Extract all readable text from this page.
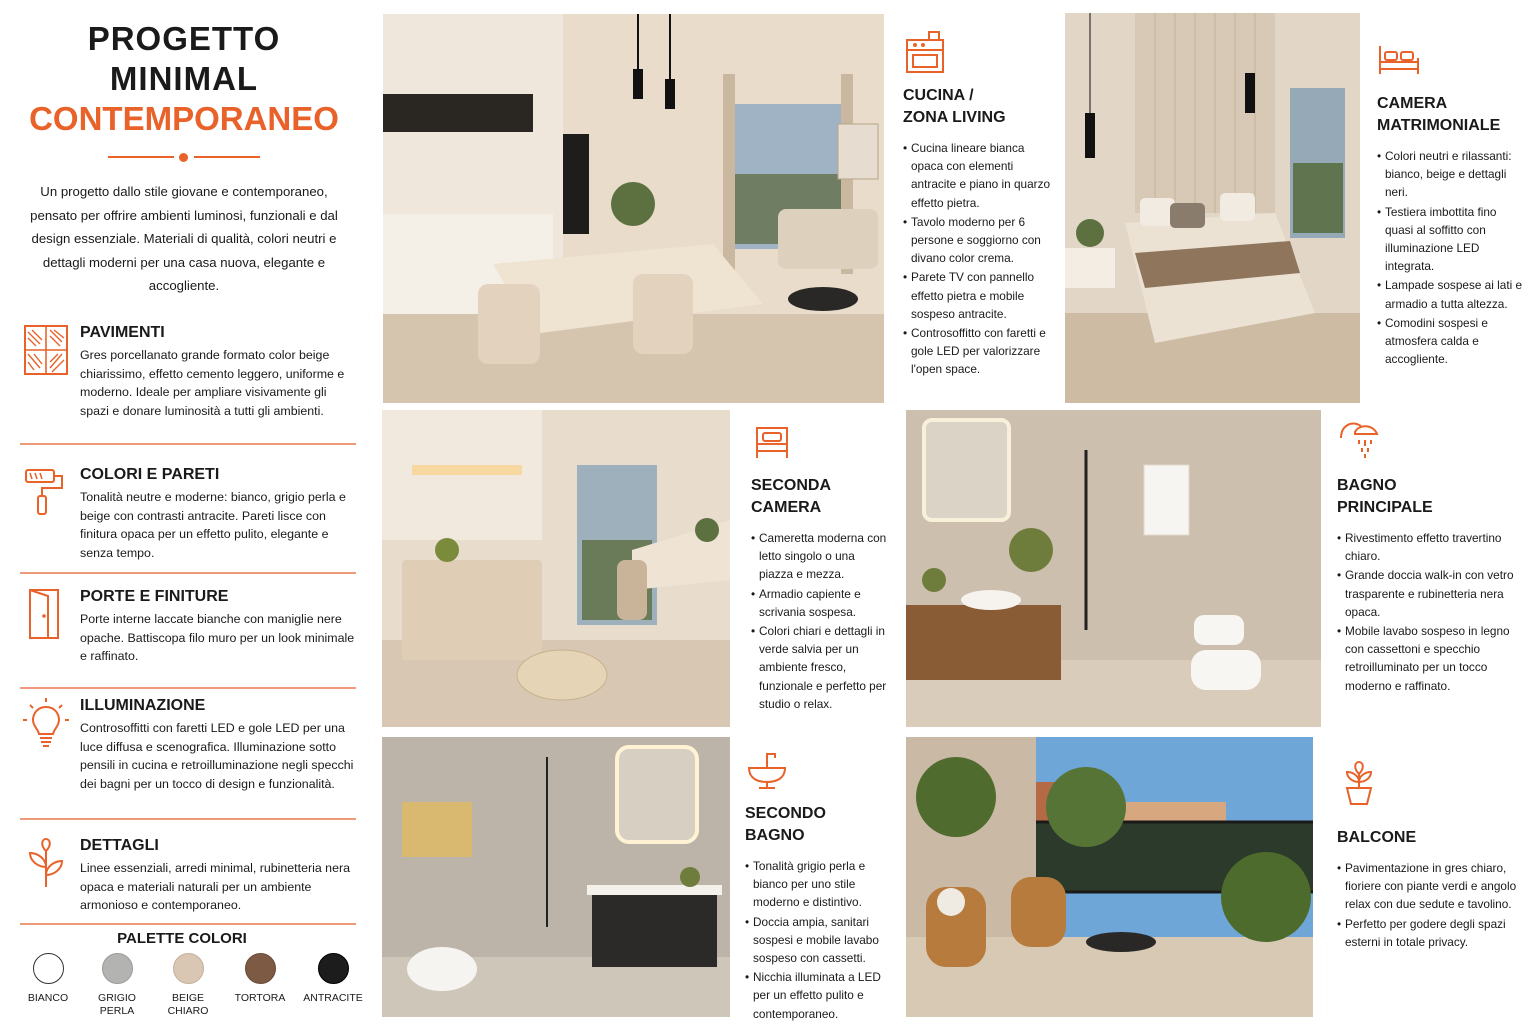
PROGETTO
MINIMAL
CONTEMPORANEO
Un progetto dallo stile giovane e contemporaneo, pensato per offrire ambienti luminosi, funzionali e dal design essenziale. Materiali di qualità, colori neutri e dettagli moderni per una casa nuova, elegante e accogliente.
PAVIMENTI

Gres porcellanato grande formato color beige chiarissimo, effetto cemento leggero, uniforme e moderno. Ideale per ampliare visivamente gli spazi e donare luminosità a tutti gli ambienti.

COLORI E PARETI

Tonalità neutre e moderne: bianco, grigio perla e beige con contrasti antracite. Pareti lisce con finitura opaca per un effetto pulito, elegante e senza tempo.

PORTE E FINITURE

Porte interne laccate bianche con maniglie nere opache. Battiscopa filo muro per un look minimale e raffinato.

ILLUMINAZIONE

Controsoffitti con faretti LED e gole LED per una luce diffusa e scenografica. Illuminazione sotto pensili in cucina e retroilluminazione negli specchi dei bagni per un tocco di design e funzionalità.

DETTAGLI

Linee essenziali, arredi minimal, rubinetteria nera opaca e materiali naturali per un ambiente armonioso e contemporaneo.

PALETTE COLORI
BIANCO	GRIGIO PERLA
BEIGE CHIARO
TORTORA	ANTRACITE
CUCINA /
ZONA LIVING
• Cucina lineare bianca opaca con elementi antracite e piano in quarzo effetto pietra.
• Tavolo moderno per 6 persone e soggiorno con divano color crema.
• Parete TV con pannello effetto pietra e mobile sospeso antracite.
• Controsoffitto con faretti e gole LED per valorizzare l'open space.
CAMERA
MATRIMONIALE
• Colori neutri e rilassanti: bianco, beige e dettagli neri.
• Testiera imbottita fino quasi al soffitto con illuminazione LED integrata.
• Lampade sospese ai lati e armadio a tutta altezza.
• Comodini sospesi e atmosfera calda e accogliente.
SECONDA
CAMERA
• Cameretta moderna con letto singolo o una piazza e mezza.
• Armadio capiente e scrivania sospesa.
• Colori chiari e dettagli in verde salvia per un ambiente fresco, funzionale e perfetto per studio o relax.
BAGNO
PRINCIPALE
• Rivestimento effetto travertino chiaro.
• Grande doccia walk-in con vetro trasparente e rubinetteria nera opaca.
• Mobile lavabo sospeso in legno con cassettoni e specchio retroilluminato per un tocco moderno e raffinato.
SECONDO
BAGNO
• Tonalità grigio perla e bianco per uno stile moderno e distintivo.
• Doccia ampia, sanitari sospesi e mobile lavabo sospeso con cassetti.
• Nicchia illuminata a LED per un effetto pulito e contemporaneo.
BALCONE
• Pavimentazione in gres chiaro, fioriere con piante verdi e angolo relax con due sedute e tavolino.
• Perfetto per godere degli spazi esterni in totale privacy.
